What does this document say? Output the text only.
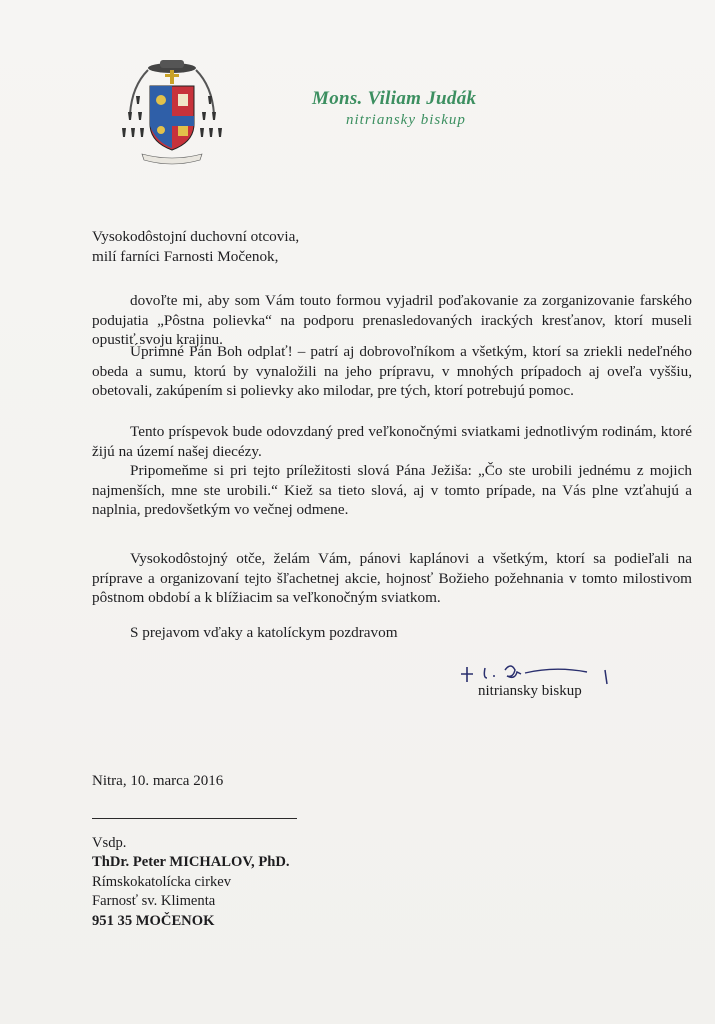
Mons. Viliam Judák
nitriansky biskup
Vysokodôstojní duchovní otcovia,
milí farníci Farnosti Močenok,

dovoľte mi, aby som Vám touto formou vyjadril poďakovanie za zorganizovanie farského podujatia „Pôstna polievka“ na podporu prenasledovaných irackých kresťanov, ktorí museli opustiť svoju krajinu.

Úprimné Pán Boh odplať! – patrí aj dobrovoľníkom a všetkým, ktorí sa zriekli nedeľného obeda a sumu, ktorú by vynaložili na jeho prípravu, v mnohých prípadoch aj oveľa vyššiu, obetovali, zakúpením si polievky ako milodar, pre tých, ktorí potrebujú pomoc.

Tento príspevok bude odovzdaný pred veľkonočnými sviatkami jednotlivým rodinám, ktoré žijú na území našej diecézy.

Pripomeňme si pri tejto príležitosti slová Pána Ježiša: „Čo ste urobili jednému z mojich najmenších, mne ste urobili.“ Kiež sa tieto slová, aj v tomto prípade, na Vás plne vzťahujú a naplnia, predovšetkým vo večnej odmene.

Vysokodôstojný otče, želám Vám, pánovi kaplánovi a všetkým, ktorí sa podieľali na príprave a organizovaní tejto šľachetnej akcie, hojnosť Božieho požehnania v tomto milostivom pôstnom období a k blížiacim sa veľkonočným sviatkom.

S prejavom vďaky a katolíckym pozdravom
nitriansky biskup
Nitra, 10. marca 2016
Vsdp.
ThDr. Peter MICHALOV, PhD.
Rímskokatolícka cirkev
Farnosť sv. Klimenta
951 35 MOČENOK
